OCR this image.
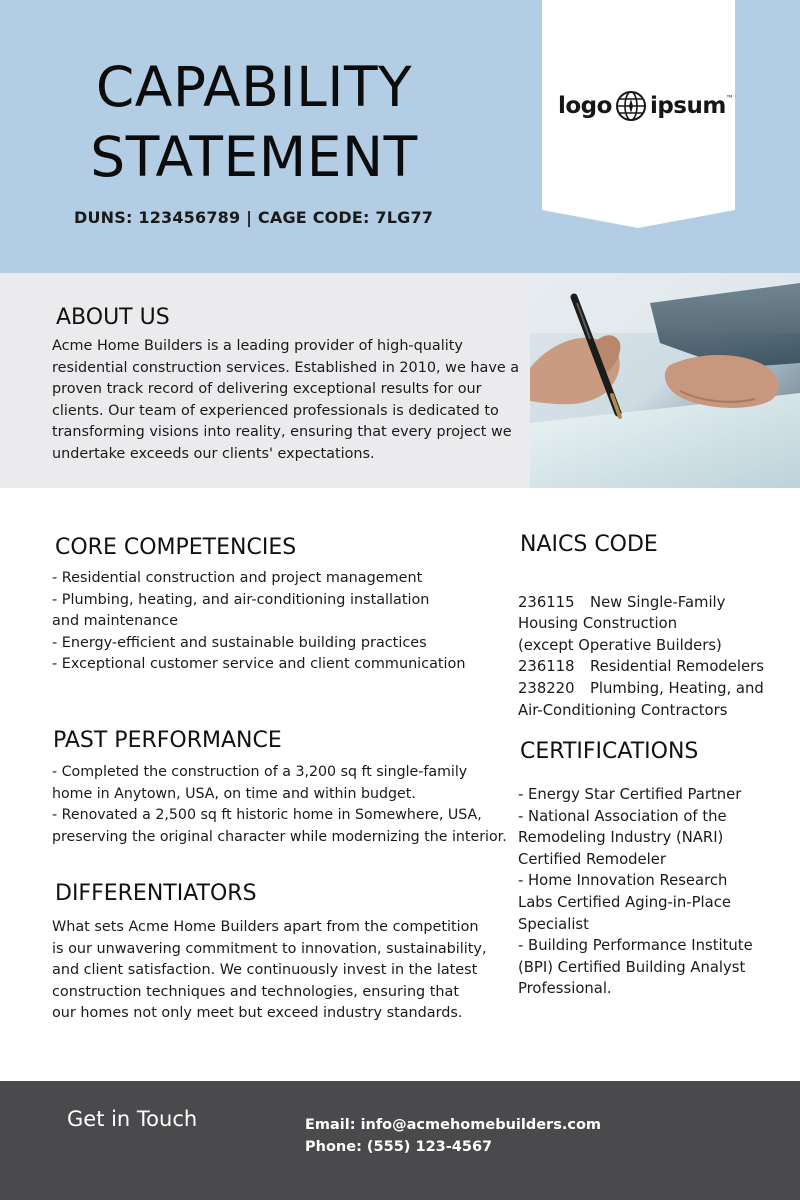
CAPABILITY
STATEMENT
DUNS: 123456789 | CAGE CODE: 7LG77
logo ipsum ™
ABOUT US
Acme Home Builders is a leading provider of high-quality residential construction services. Established in 2010, we have a proven track record of delivering exceptional results for our clients. Our team of experienced professionals is dedicated to transforming visions into reality, ensuring that every project we undertake exceeds our clients' expectations.
CORE COMPETENCIES
- Residential construction and project management
- Plumbing, heating, and air-conditioning installation
and maintenance
- Energy-efficient and sustainable building practices
- Exceptional customer service and client communication
PAST PERFORMANCE
- Completed the construction of a 3,200 sq ft single-family
home in Anytown, USA, on time and within budget.
- Renovated a 2,500 sq ft historic home in Somewhere, USA,
preserving the original character while modernizing the interior.
DIFFERENTIATORS
What sets Acme Home Builders apart from the competition
is our unwavering commitment to innovation, sustainability,
and client satisfaction. We continuously invest in the latest
construction techniques and technologies, ensuring that
our homes not only meet but exceed industry standards.
NAICS CODE

236115 New Single-Family
Housing Construction
(except Operative Builders)
236118 Residential Remodelers
238220 Plumbing, Heating, and
Air-Conditioning Contractors

CERTIFICATIONS
- Energy Star Certified Partner
- National Association of the
Remodeling Industry (NARI)
Certified Remodeler
- Home Innovation Research
Labs Certified Aging-in-Place
Specialist
- Building Performance Institute
(BPI) Certified Building Analyst
Professional.
Get in Touch	Email: info@acmehomebuilders.com
Phone: (555) 123-4567
